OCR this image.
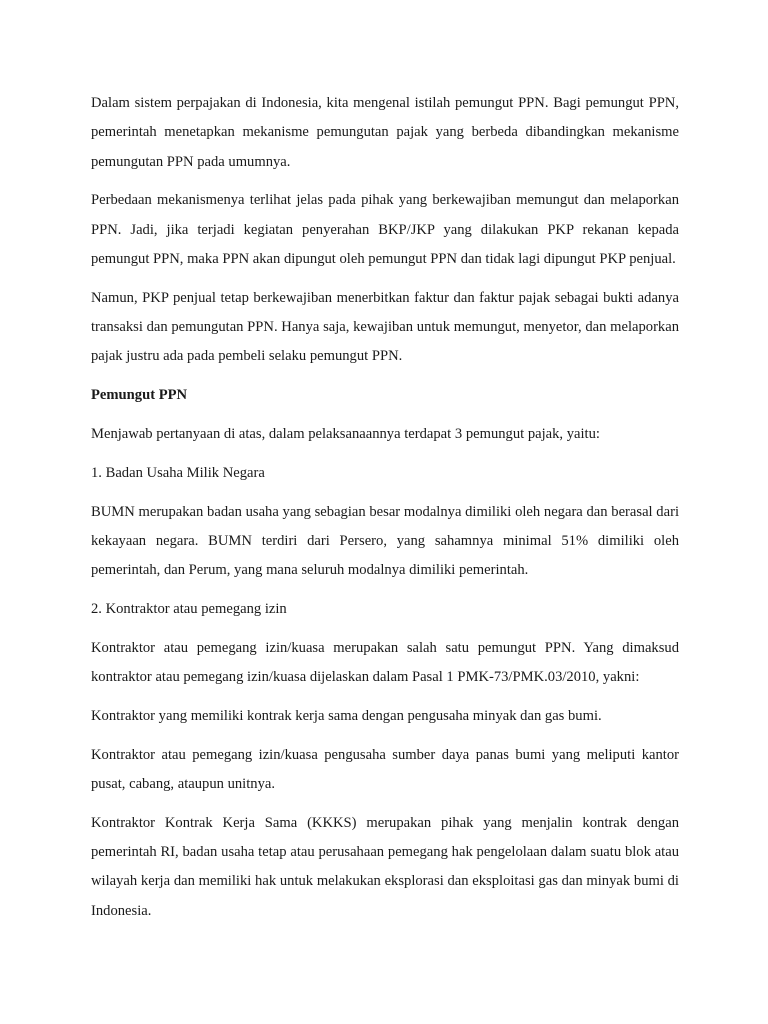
Dalam sistem perpajakan di Indonesia, kita mengenal istilah pemungut PPN. Bagi pemungut PPN, pemerintah menetapkan mekanisme pemungutan pajak yang berbeda dibandingkan mekanisme pemungutan PPN pada umumnya.

Perbedaan mekanismenya terlihat jelas pada pihak yang berkewajiban memungut dan melaporkan PPN. Jadi, jika terjadi kegiatan penyerahan BKP/JKP yang dilakukan PKP rekanan kepada pemungut PPN, maka PPN akan dipungut oleh pemungut PPN dan tidak lagi dipungut PKP penjual.

Namun, PKP penjual tetap berkewajiban menerbitkan faktur dan faktur pajak sebagai bukti adanya transaksi dan pemungutan PPN. Hanya saja, kewajiban untuk memungut, menyetor, dan melaporkan pajak justru ada pada pembeli selaku pemungut PPN.

Pemungut PPN

Menjawab pertanyaan di atas, dalam pelaksanaannya terdapat 3 pemungut pajak, yaitu:

1. Badan Usaha Milik Negara

BUMN merupakan badan usaha yang sebagian besar modalnya dimiliki oleh negara dan berasal dari kekayaan negara. BUMN terdiri dari Persero, yang sahamnya minimal 51% dimiliki oleh pemerintah, dan Perum, yang mana seluruh modalnya dimiliki pemerintah.

2. Kontraktor atau pemegang izin

Kontraktor atau pemegang izin/kuasa merupakan salah satu pemungut PPN. Yang dimaksud kontraktor atau pemegang izin/kuasa dijelaskan dalam Pasal 1 PMK-73/PMK.03/2010, yakni:

Kontraktor yang memiliki kontrak kerja sama dengan pengusaha minyak dan gas bumi.

Kontraktor atau pemegang izin/kuasa pengusaha sumber daya panas bumi yang meliputi kantor pusat, cabang, ataupun unitnya.

Kontraktor Kontrak Kerja Sama (KKKS) merupakan pihak yang menjalin kontrak dengan pemerintah RI, badan usaha tetap atau perusahaan pemegang hak pengelolaan dalam suatu blok atau wilayah kerja dan memiliki hak untuk melakukan eksplorasi dan eksploitasi gas dan minyak bumi di Indonesia.
